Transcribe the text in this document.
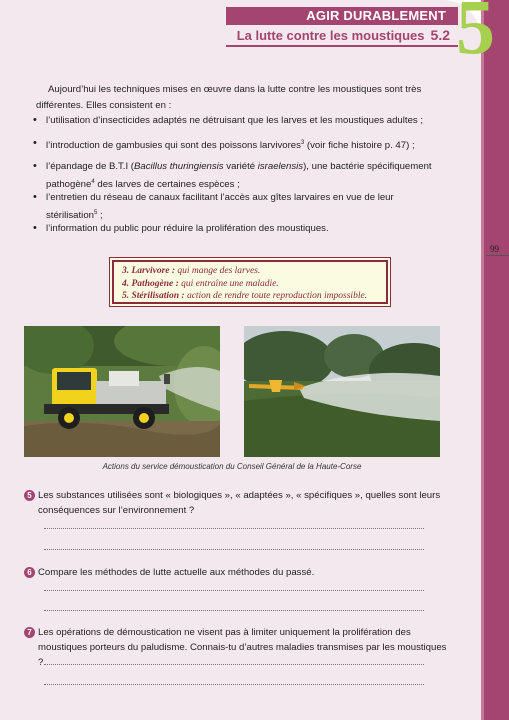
99
AGIR DURABLEMENT
La lutte contre les moustiques 5.2 5
Aujourd’hui les techniques mises en œuvre dans la lutte contre les moustiques sont très différentes. Elles consistent en :
• l’utilisation d’insecticides adaptés ne détruisant que les larves et les moustiques adultes ;
• l’introduction de gambusies qui sont des poissons larvivores$^3$ (voir fiche histoire p. 47) ;
• l’épandage de B.T.I (Bacillus thuringiensis variété israelensis), une bactérie spécifiquement pathogène$^4$ des larves de certaines espèces ;
• l’entretien du réseau de canaux facilitant l’accès aux gîtes larvaires en vue de leur stérilisation$^5$ ;
• l’information du public pour réduire la prolifération des moustiques.
3. Larvivore : qui mange des larves.
4. Pathogène : qui entraîne une maladie.
5. Stérilisation : action de rendre toute reproduction impossible.
Actions du service démoustication du Conseil Général de la Haute-Corse
5 Les substances utilisées sont « biologiques », « adaptées », « spécifiques », quelles sont leurs conséquences sur l’environnement ?
6 Compare les méthodes de lutte actuelle aux méthodes du passé.
7 Les opérations de démoustication ne visent pas à limiter uniquement la prolifération des moustiques porteurs du paludisme. Connais-tu d’autres maladies transmises par les moustiques ?
